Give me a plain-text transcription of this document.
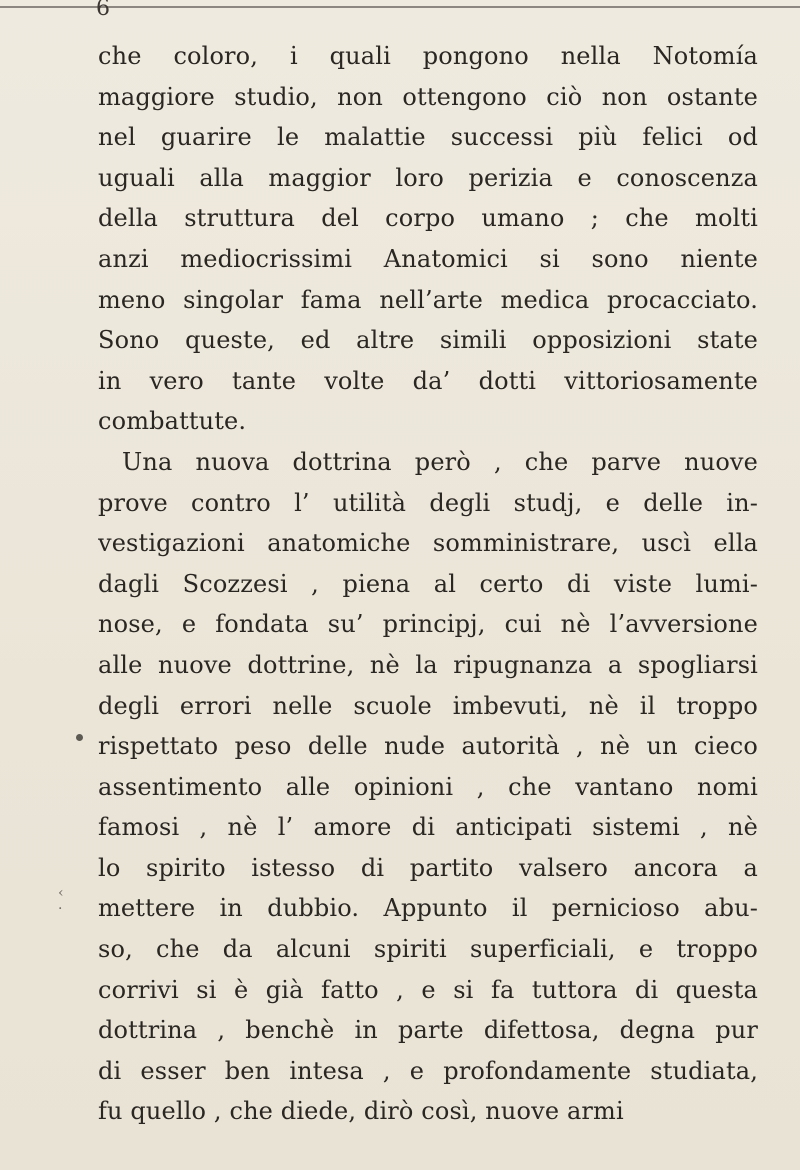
6
che coloro, i quali pongono nella Notomía
maggiore studio, non ottengono ciò non ostante
nel guarire le malattie successi più felici od
uguali alla maggior loro perizia e conoscenza
della struttura del corpo umano ; che molti
anzi mediocrissimi Anatomici si sono niente
meno singolar fama nell’arte medica procacciato.
Sono queste, ed altre simili opposizioni state
in vero tante volte da’ dotti vittoriosamente
combattute.
Una nuova dottrina però , che parve nuove
prove contro l’ utilità degli studj, e delle in-
vestigazioni anatomiche somministrare, uscì ella
dagli Scozzesi , piena al certo di viste lumi-
nose, e fondata su’ principj, cui nè l’avversione
alle nuove dottrine, nè la ripugnanza a spogliarsi
degli errori nelle scuole imbevuti, nè il troppo
rispettato peso delle nude autorità , nè un cieco
assentimento alle opinioni , che vantano nomi
famosi , nè l’ amore di anticipati sistemi , nè
lo spirito istesso di partito valsero ancora a
mettere in dubbio. Appunto il pernicioso abu-
so, che da alcuni spiriti superficiali, e troppo
corrivi si è già fatto , e si fa tuttora di questa
dottrina , benchè in parte difettosa, degna pur
di esser ben intesa , e profondamente studiata,
fu quello , che diede, dirò così, nuove armi
‹
·
